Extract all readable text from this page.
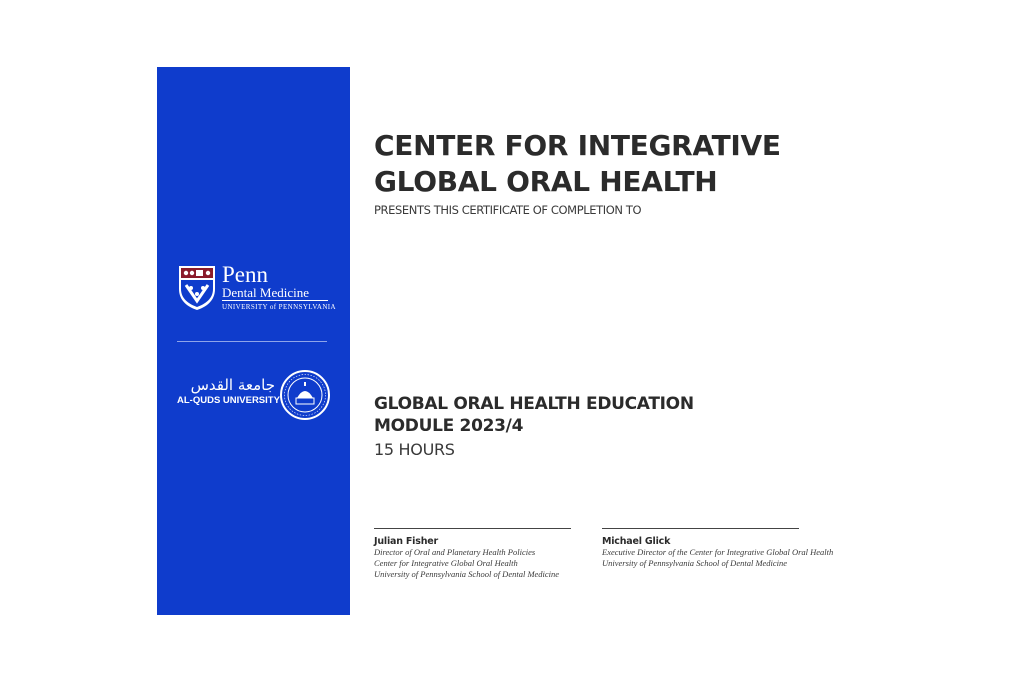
Penn
Dental Medicine
UNIVERSITY of PENNSYLVANIA
جامعة القدس
AL-QUDS UNIVERSITY
CENTER FOR INTEGRATIVE
GLOBAL ORAL HEALTH
PRESENTS THIS CERTIFICATE OF COMPLETION TO
GLOBAL ORAL HEALTH EDUCATION
MODULE 2023/4
15 HOURS
Julian Fisher
Director of Oral and Planetary Health Policies
Center for Integrative Global Oral Health
University of Pennsylvania School of Dental Medicine
Michael Glick
Executive Director of the Center for Integrative Global Oral Health
University of Pennsylvania School of Dental Medicine
